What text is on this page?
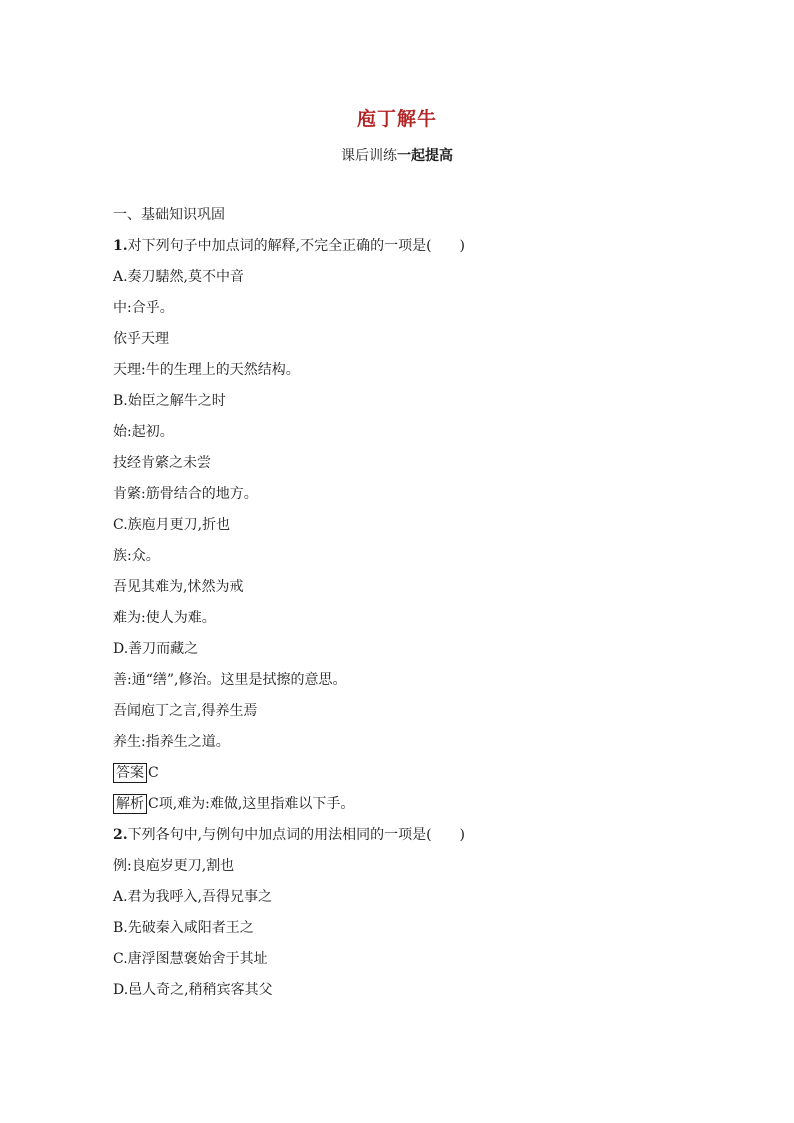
庖丁解牛
课后训练一起提高
一、基础知识巩固
1.对下列句子中加点词的解释,不完全正确的一项是(　　)
A.奏刀騞然,莫不中音
中:合乎。
依乎天理
天理:牛的生理上的天然结构。
B.始臣之解牛之时
始:起初。
技经肯綮之未尝
肯綮:筋骨结合的地方。
C.族庖月更刀,折也
族:众。
吾见其难为,怵然为戒
难为:使人为难。
D.善刀而藏之
善:通“缮”,修治。这里是拭擦的意思。
吾闻庖丁之言,得养生焉
养生:指养生之道。
答案 C
解析 C项,难为:难做,这里指难以下手。
2.下列各句中,与例句中加点词的用法相同的一项是(　　)
例:良庖岁更刀,割也
A.君为我呼入,吾得兄事之
B.先破秦入咸阳者王之
C.唐浮图慧褒始舍于其址
D.邑人奇之,稍稍宾客其父
